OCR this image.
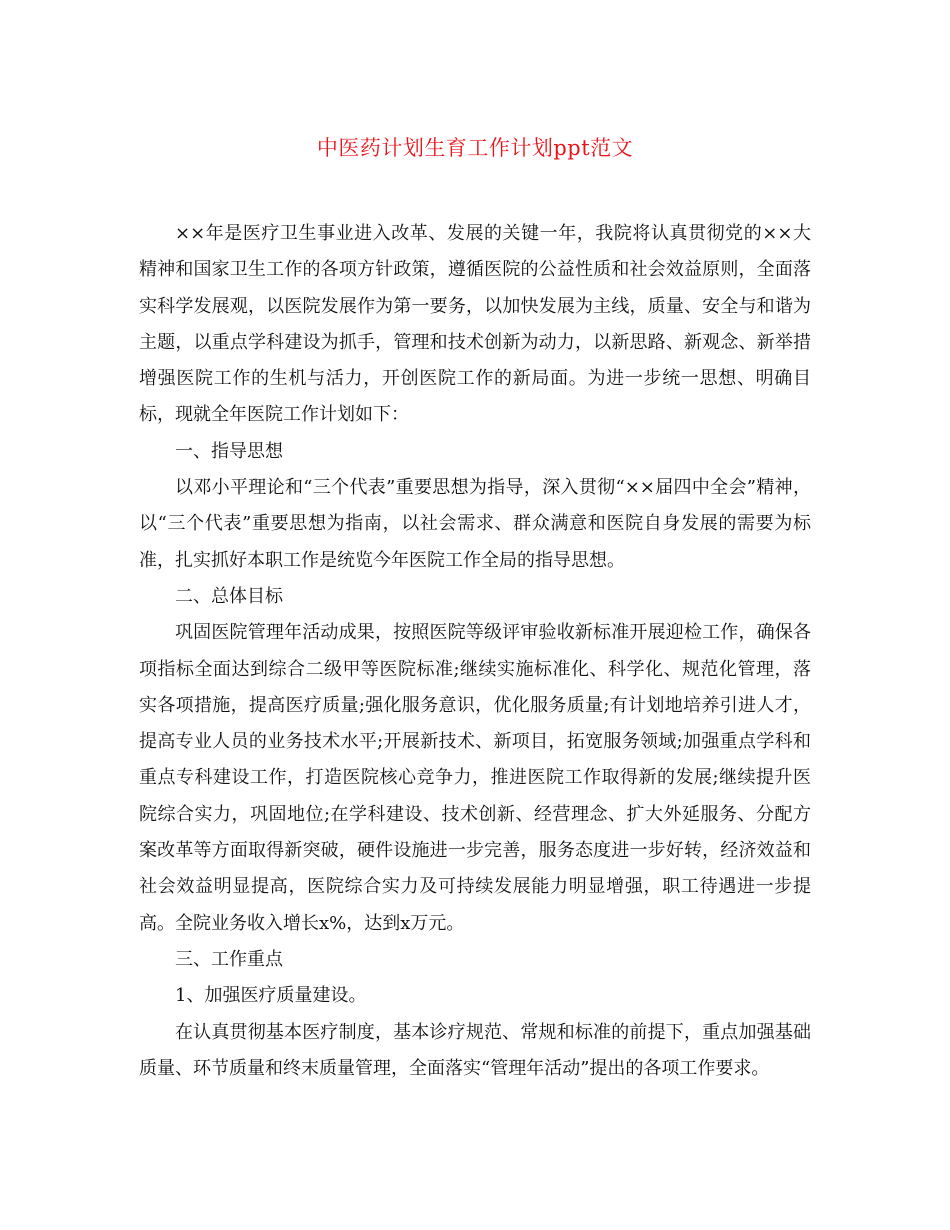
中医药计划生育工作计划ppt范文

××年是医疗卫生事业进入改革、发展的关键一年，我院将认真贯彻党的××大精神和国家卫生工作的各项方针政策，遵循医院的公益性质和社会效益原则，全面落实科学发展观，以医院发展作为第一要务，以加快发展为主线，质量、安全与和谐为主题，以重点学科建设为抓手，管理和技术创新为动力，以新思路、新观念、新举措增强医院工作的生机与活力，开创医院工作的新局面。为进一步统一思想、明确目标，现就全年医院工作计划如下：

一、指导思想

以邓小平理论和“三个代表”重要思想为指导，深入贯彻“××届四中全会”精神，以“三个代表”重要思想为指南，以社会需求、群众满意和医院自身发展的需要为标准，扎实抓好本职工作是统览今年医院工作全局的指导思想。

二、总体目标

巩固医院管理年活动成果，按照医院等级评审验收新标准开展迎检工作，确保各项指标全面达到综合二级甲等医院标准;继续实施标准化、科学化、规范化管理，落实各项措施，提高医疗质量;强化服务意识，优化服务质量;有计划地培养引进人才，提高专业人员的业务技术水平;开展新技术、新项目，拓宽服务领域;加强重点学科和重点专科建设工作，打造医院核心竞争力，推进医院工作取得新的发展;继续提升医院综合实力，巩固地位;在学科建设、技术创新、经营理念、扩大外延服务、分配方案改革等方面取得新突破，硬件设施进一步完善，服务态度进一步好转，经济效益和社会效益明显提高，医院综合实力及可持续发展能力明显增强，职工待遇进一步提高。全院业务收入增长x%，达到x万元。

三、工作重点

1、加强医疗质量建设。

在认真贯彻基本医疗制度，基本诊疗规范、常规和标准的前提下，重点加强基础质量、环节质量和终末质量管理，全面落实“管理年活动”提出的各项工作要求。
